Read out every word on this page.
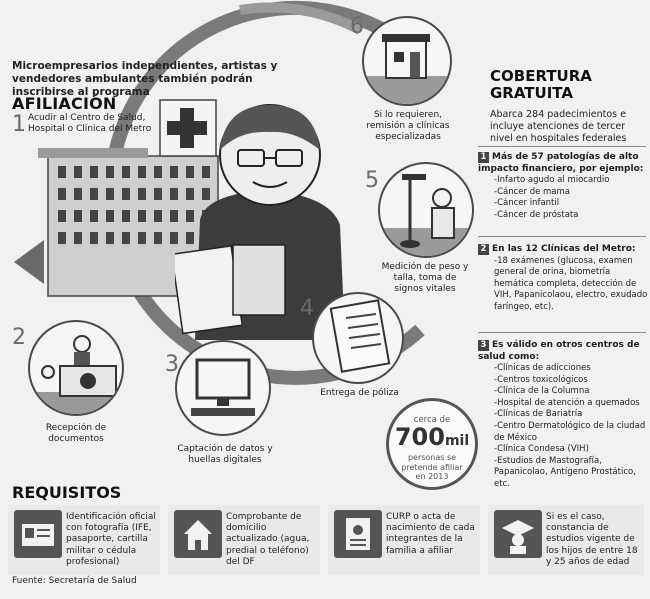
Microempresarios independientes, artistas y vendedores ambulantes también podrán inscribirse al programa
AFILIACIÓN
1 Acudir al Centro de Salud, Hospital o Clínica del Metro
6
Si lo requieren, remisión a clínicas especializadas
5
Medición de peso y talla, toma de signos vitales
4
Entrega de póliza
3
Captación de datos y huellas digitales
2
Recepción de documentos
cerca de
700mil
personas se pretende afiliar en 2013
COBERTURA GRATUITA
Abarca 284 padecimientos e incluye atenciones de tercer nivel en hospitales federales
1 Más de 57 patologías de alto impacto financiero, por ejemplo:
-Infarto agudo al miocardio
-Cáncer de mama
-Cáncer infantil
-Cáncer de próstata
2 En las 12 Clínicas del Metro:
-18 exámenes (glucosa, examen general de orina, biometría hemática completa, detección de VIH, Papanicolaou, electro, exudado faríngeo, etc).
3 Es válido en otros centros de salud como:
-Clínicas de adicciones
-Centros toxicológicos
-Clínica de la Columna
-Hospital de atención a quemados
-Clínicas de Bariatría
-Centro Dermatológico de la ciudad de México
-Clínica Condesa (VIH)
-Estudios de Mastografía, Papanicolao, Antígeno Prostático, etc.
REQUISITOS
Identificación oficial con fotografía (IFE, pasaporte, cartilla militar o cédula profesional)
Comprobante de domicilio actualizado (agua, predial o teléfono) del DF
CURP o acta de nacimiento de cada integrantes de la familia a afiliar
Si es el caso, constancia de estudios vigente de los hijos de entre 18 y 25 años de edad
Fuente: Secretaría de Salud
